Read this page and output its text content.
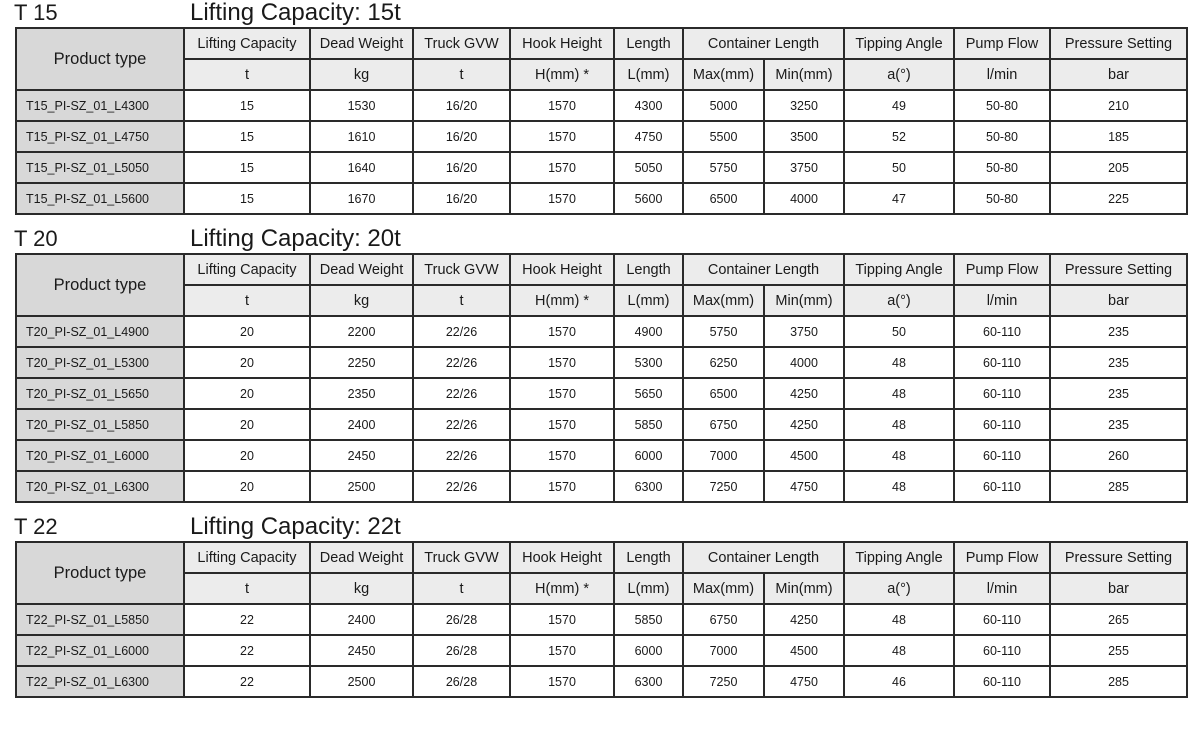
T 15	Lifting Capacity: 15t
Product type	Lifting Capacity	Dead Weight	Truck GVW	Hook Height	Length	Container Length		Tipping Angle	Pump Flow	Pressure Setting
	t	kg	t	H(mm) *	L(mm)	Max(mm)	Min(mm)	a(°)	l/min	bar
T15_PI-SZ_01_L4300	15	1530	16/20	1570	4300	5000	3250	49	50-80	210
T15_PI-SZ_01_L4750	15	1610	16/20	1570	4750	5500	3500	52	50-80	185
T15_PI-SZ_01_L5050	15	1640	16/20	1570	5050	5750	3750	50	50-80	205
T15_PI-SZ_01_L5600	15	1670	16/20	1570	5600	6500	4000	47	50-80	225
T 20	Lifting Capacity: 20t
Product type	Lifting Capacity	Dead Weight	Truck GVW	Hook Height	Length	Container Length		Tipping Angle	Pump Flow	Pressure Setting
	t	kg	t	H(mm) *	L(mm)	Max(mm)	Min(mm)	a(°)	l/min	bar
T20_PI-SZ_01_L4900	20	2200	22/26	1570	4900	5750	3750	50	60-110	235
T20_PI-SZ_01_L5300	20	2250	22/26	1570	5300	6250	4000	48	60-110	235
T20_PI-SZ_01_L5650	20	2350	22/26	1570	5650	6500	4250	48	60-110	235
T20_PI-SZ_01_L5850	20	2400	22/26	1570	5850	6750	4250	48	60-110	235
T20_PI-SZ_01_L6000	20	2450	22/26	1570	6000	7000	4500	48	60-110	260
T20_PI-SZ_01_L6300	20	2500	22/26	1570	6300	7250	4750	48	60-110	285
T 22	Lifting Capacity: 22t
Product type	Lifting Capacity	Dead Weight	Truck GVW	Hook Height	Length	Container Length		Tipping Angle	Pump Flow	Pressure Setting
	t	kg	t	H(mm) *	L(mm)	Max(mm)	Min(mm)	a(°)	l/min	bar
T22_PI-SZ_01_L5850	22	2400	26/28	1570	5850	6750	4250	48	60-110	265
T22_PI-SZ_01_L6000	22	2450	26/28	1570	6000	7000	4500	48	60-110	255
T22_PI-SZ_01_L6300	22	2500	26/28	1570	6300	7250	4750	46	60-110	285
